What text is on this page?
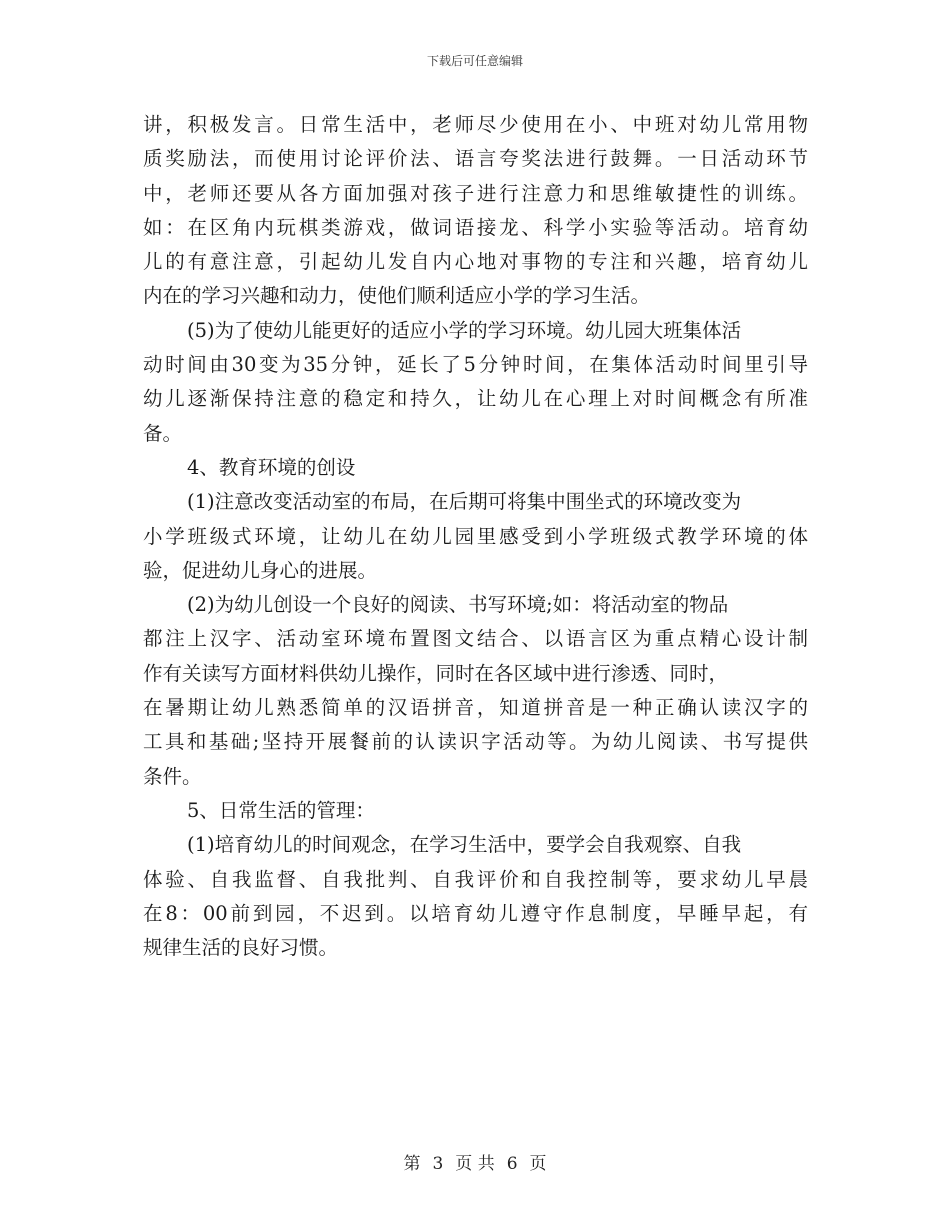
下载后可任意编辑
讲，积极发言。日常生活中，老师尽少使用在小、中班对幼儿常用物
质奖励法，而使用讨论评价法、语言夸奖法进行鼓舞。一日活动环节
中，老师还要从各方面加强对孩子进行注意力和思维敏捷性的训练。
如：在区角内玩棋类游戏，做词语接龙、科学小实验等活动。培育幼
儿的有意注意，引起幼儿发自内心地对事物的专注和兴趣，培育幼儿
内在的学习兴趣和动力，使他们顺利适应小学的学习生活。
(5)为了使幼儿能更好的适应小学的学习环境。幼儿园大班集体活
动时间由30变为35分钟，延长了5分钟时间，在集体活动时间里引导
幼儿逐渐保持注意的稳定和持久，让幼儿在心理上对时间概念有所准
备。
4、教育环境的创设
(1)注意改变活动室的布局，在后期可将集中围坐式的环境改变为
小学班级式环境，让幼儿在幼儿园里感受到小学班级式教学环境的体
验，促进幼儿身心的进展。
(2)为幼儿创设一个良好的阅读、书写环境;如：将活动室的物品
都注上汉字、活动室环境布置图文结合、以语言区为重点精心设计制
作有关读写方面材料供幼儿操作，同时在各区域中进行渗透、同时，
在暑期让幼儿熟悉简单的汉语拼音，知道拼音是一种正确认读汉字的
工具和基础;坚持开展餐前的认读识字活动等。为幼儿阅读、书写提供
条件。
5、日常生活的管理：
(1)培育幼儿的时间观念，在学习生活中，要学会自我观察、自我
体验、自我监督、自我批判、自我评价和自我控制等，要求幼儿早晨
在8：00前到园，不迟到。以培育幼儿遵守作息制度，早睡早起，有
规律生活的良好习惯。
第 3 页 共 6 页
